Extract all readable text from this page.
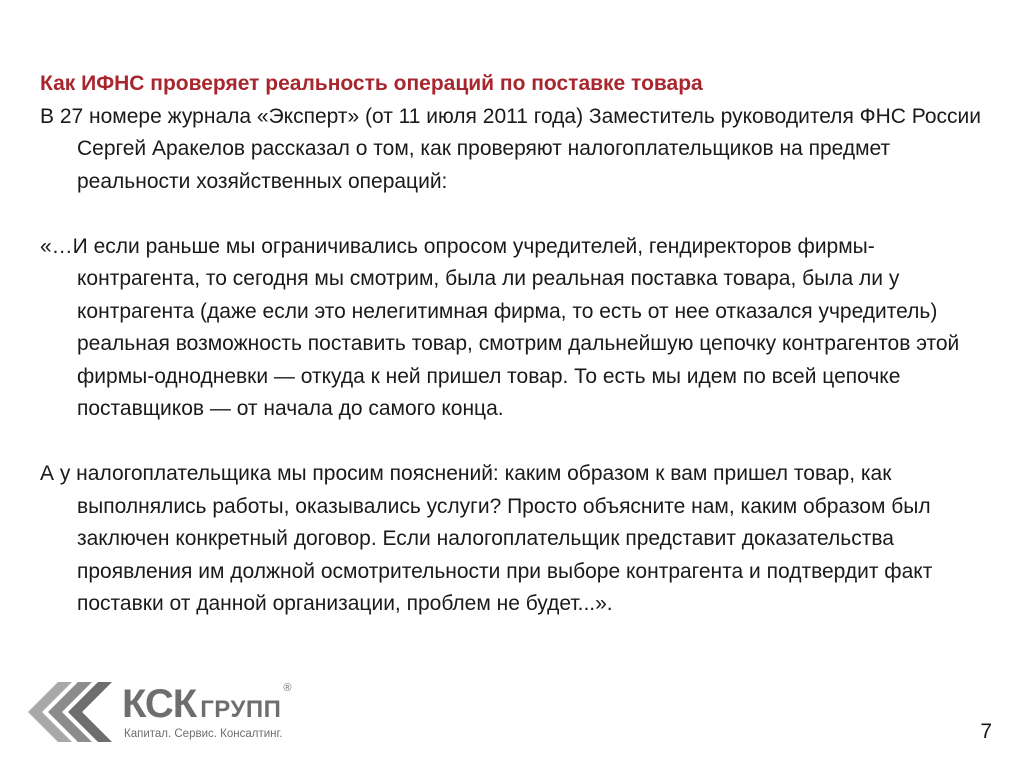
Как ИФНС проверяет реальность операций по поставке товара

В 27 номере журнала «Эксперт» (от 11 июля 2011 года) Заместитель руководителя ФНС России Сергей Аракелов рассказал о том, как проверяют налогоплательщиков на предмет реальности хозяйственных операций:

«…И если раньше мы ограничивались опросом учредителей, гендиректоров фирмы-контрагента, то сегодня мы смотрим, была ли реальная поставка товара, была ли у контрагента (даже если это нелегитимная фирма, то есть от нее отказался учредитель) реальная возможность поставить товар, смотрим дальнейшую цепочку контрагентов этой фирмы-однодневки — откуда к ней пришел товар. То есть мы идем по всей цепочке поставщиков — от начала до самого конца.

А у налогоплательщика мы просим пояснений: каким образом к вам пришел товар, как выполнялись работы, оказывались услуги? Просто объясните нам, каким образом был заключен конкретный договор. Если налогоплательщик представит доказательства проявления им должной осмотрительности при выборе контрагента и подтвердит факт поставки от данной организации, проблем не будет...».

КСК ГРУПП®
Капитал. Сервис. Консалтинг.	7
